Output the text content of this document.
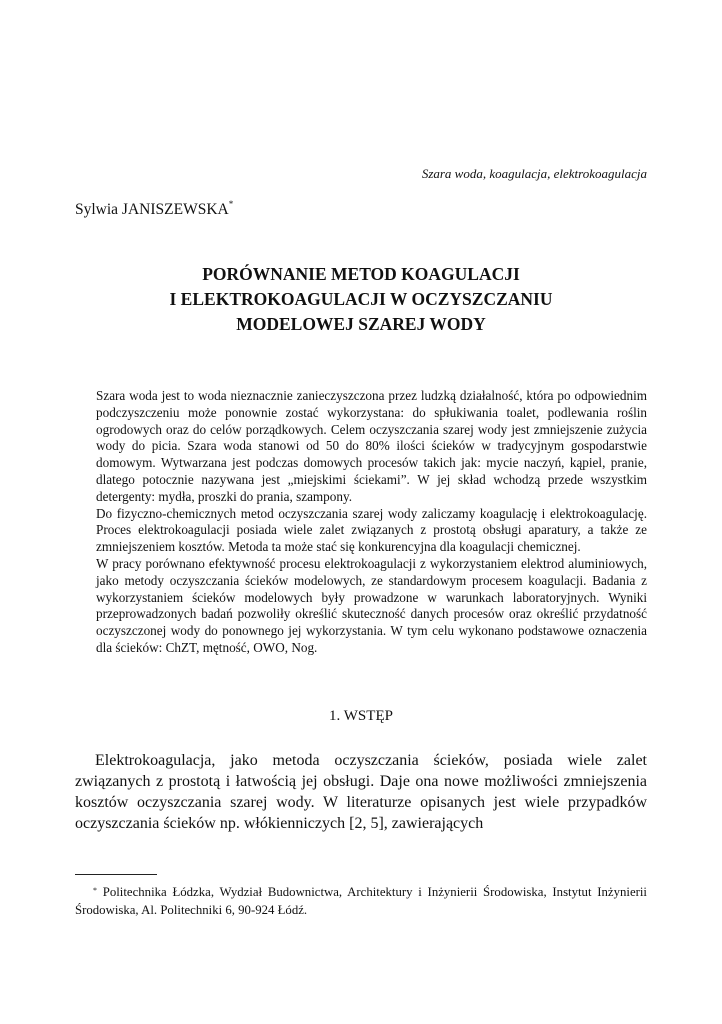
Szara woda, koagulacja, elektrokoagulacja
Sylwia JANISZEWSKA*
PORÓWNANIE METOD KOAGULACJI
I ELEKTROKOAGULACJI W OCZYSZCZANIU
MODELOWEJ SZAREJ WODY

Szara woda jest to woda nieznacznie zanieczyszczona przez ludzką działalność, która po odpowiednim podczyszczeniu może ponownie zostać wykorzystana: do spłukiwania toalet, podlewania roślin ogrodowych oraz do celów porządkowych. Celem oczyszczania szarej wody jest zmniejszenie zużycia wody do picia. Szara woda stanowi od 50 do 80% ilości ścieków w tradycyjnym gospodarstwie domowym. Wytwarzana jest podczas domowych procesów takich jak: mycie naczyń, kąpiel, pranie, dlatego potocznie nazywana jest „miejskimi ściekami”. W jej skład wchodzą przede wszystkim detergenty: mydła, proszki do prania, szampony.

Do fizyczno-chemicznych metod oczyszczania szarej wody zaliczamy koagulację i elektrokoagulację. Proces elektrokoagulacji posiada wiele zalet związanych z prostotą obsługi aparatury, a także ze zmniejszeniem kosztów. Metoda ta może stać się konkurencyjna dla koagulacji chemicznej.

W pracy porównano efektywność procesu elektrokoagulacji z wykorzystaniem elektrod aluminiowych, jako metody oczyszczania ścieków modelowych, ze standardowym procesem koagulacji. Badania z wykorzystaniem ścieków modelowych były prowadzone w warunkach laboratoryjnych. Wyniki przeprowadzonych badań pozwoliły określić skuteczność danych procesów oraz określić przydatność oczyszczonej wody do ponownego jej wykorzystania. W tym celu wykonano podstawowe oznaczenia dla ścieków: ChZT, mętność, OWO, Nog.

1. WSTĘP

Elektrokoagulacja, jako metoda oczyszczania ścieków, posiada wiele zalet związanych z prostotą i łatwością jej obsługi. Daje ona nowe możliwości zmniejszenia kosztów oczyszczania szarej wody. W literaturze opisanych jest wiele przypadków oczyszczania ścieków np. włókienniczych [2, 5], zawierających

* Politechnika Łódzka, Wydział Budownictwa, Architektury i Inżynierii Środowiska, Instytut Inżynierii Środowiska, Al. Politechniki 6, 90-924 Łódź.
